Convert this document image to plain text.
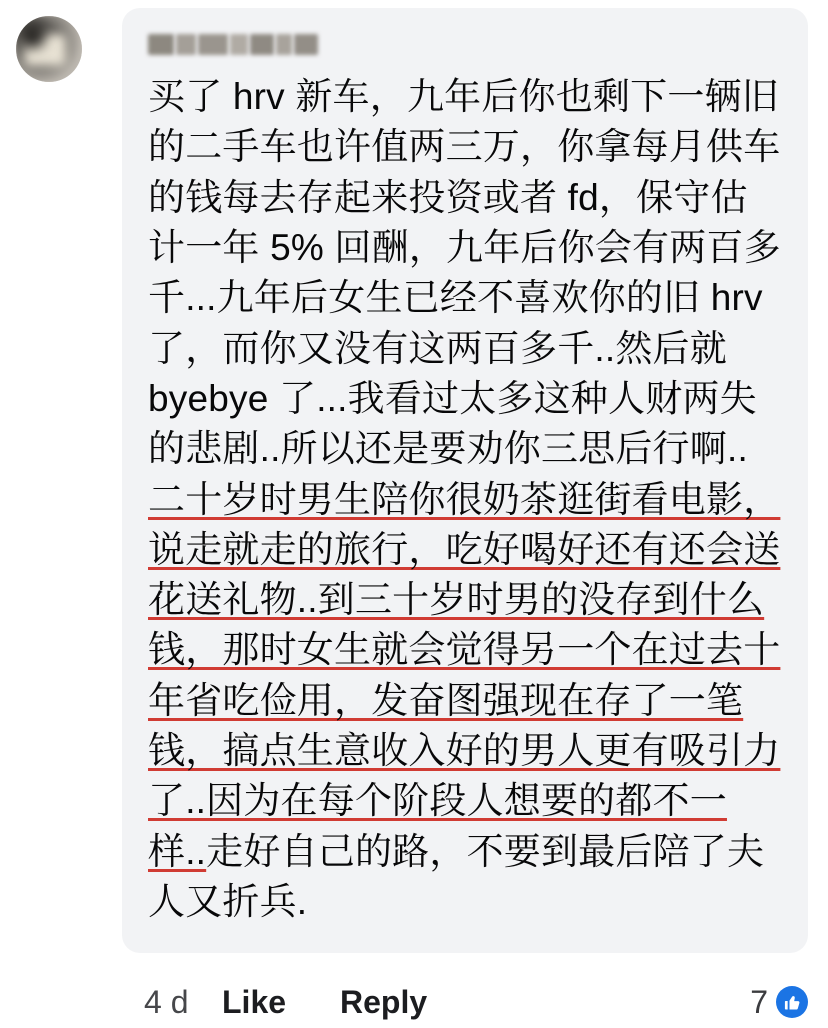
买了 hrv 新车，九年后你也剩下一辆旧的二手车也许值两三万，你拿每月供车的钱每去存起来投资或者 fd，保守估计一年 5% 回酬，九年后你会有两百多千...九年后女生已经不喜欢你的旧 hrv 了，而你又没有这两百多千..然后就 byebye 了...我看过太多这种人财两失的悲剧..所以还是要劝你三思后行啊..二十岁时男生陪你很奶茶逛街看电影，说走就走的旅行，吃好喝好还有还会送花送礼物..到三十岁时男的没存到什么钱，那时女生就会觉得另一个在过去十年省吃俭用，发奋图强现在存了一笔钱，搞点生意收入好的男人更有吸引力了..因为在每个阶段人想要的都不一样..走好自己的路，不要到最后陪了夫人又折兵.
4 d Like Reply	7
